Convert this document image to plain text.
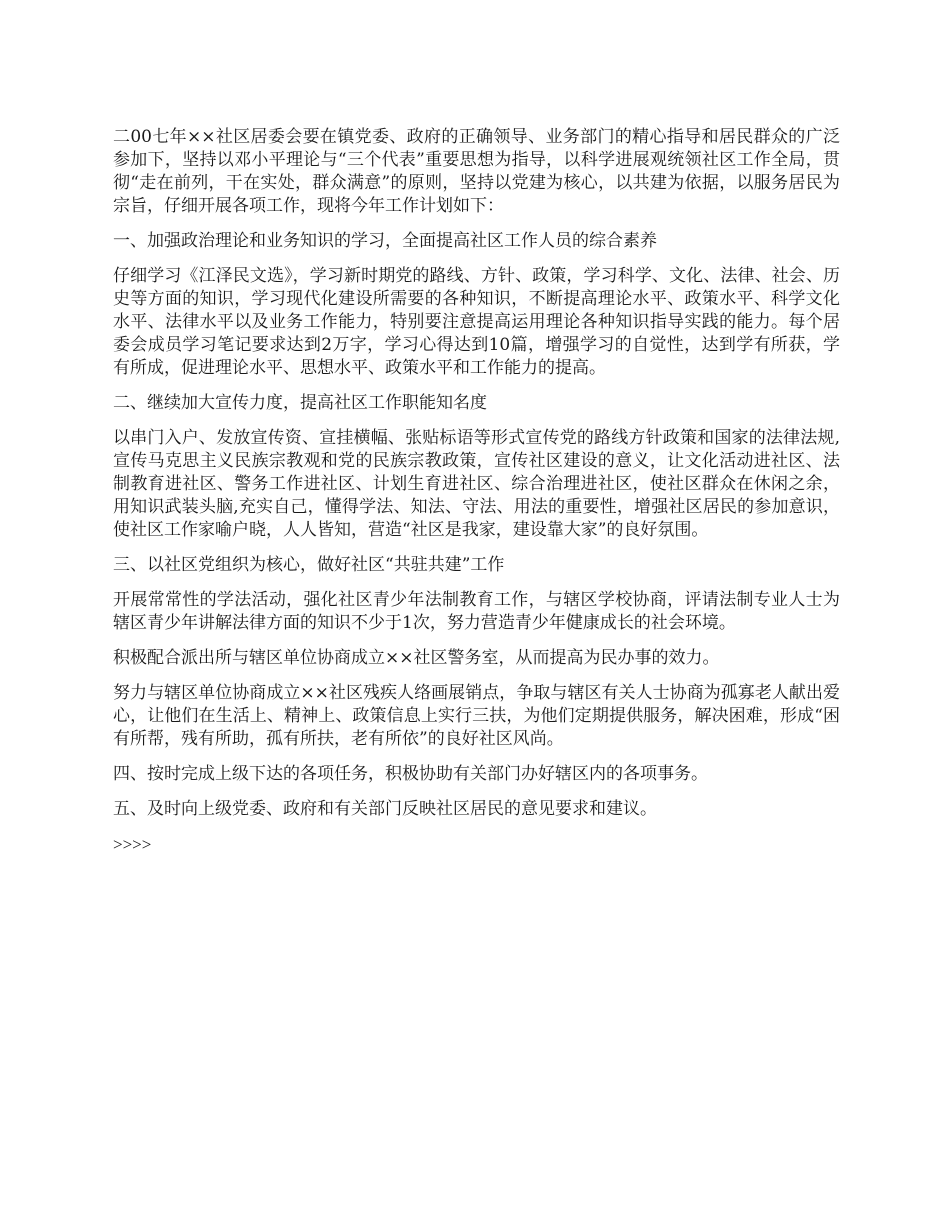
二00七年××社区居委会要在镇党委、政府的正确领导、业务部门的精心指导和居民群众的广泛参加下，坚持以邓小平理论与“三个代表”重要思想为指导，以科学进展观统领社区工作全局，贯彻“走在前列，干在实处，群众满意”的原则，坚持以党建为核心，以共建为依据，以服务居民为宗旨，仔细开展各项工作，现将今年工作计划如下：

一、加强政治理论和业务知识的学习，全面提高社区工作人员的综合素养

仔细学习《江泽民文选》，学习新时期党的路线、方针、政策，学习科学、文化、法律、社会、历史等方面的知识，学习现代化建设所需要的各种知识，不断提高理论水平、政策水平、科学文化水平、法律水平以及业务工作能力，特别要注意提高运用理论各种知识指导实践的能力。每个居委会成员学习笔记要求达到2万字，学习心得达到10篇，增强学习的自觉性，达到学有所获，学有所成，促进理论水平、思想水平、政策水平和工作能力的提高。

二、继续加大宣传力度，提高社区工作职能知名度

以串门入户、发放宣传资、宣挂横幅、张贴标语等形式宣传党的路线方针政策和国家的法律法规,宣传马克思主义民族宗教观和党的民族宗教政策，宣传社区建设的意义，让文化活动进社区、法制教育进社区、警务工作进社区、计划生育进社区、综合治理进社区，使社区群众在休闲之余，用知识武装头脑,充实自己，懂得学法、知法、守法、用法的重要性，增强社区居民的参加意识，使社区工作家喻户晓，人人皆知，营造“社区是我家，建设靠大家”的良好氛围。

三、以社区党组织为核心，做好社区“共驻共建”工作

开展常常性的学法活动，强化社区青少年法制教育工作，与辖区学校协商，评请法制专业人士为辖区青少年讲解法律方面的知识不少于1次，努力营造青少年健康成长的社会环境。

积极配合派出所与辖区单位协商成立××社区警务室，从而提高为民办事的效力。

努力与辖区单位协商成立××社区残疾人络画展销点，争取与辖区有关人士协商为孤寡老人献出爱心，让他们在生活上、精神上、政策信息上实行三扶，为他们定期提供服务，解决困难，形成“困有所帮，残有所助，孤有所扶，老有所依”的良好社区风尚。

四、按时完成上级下达的各项任务，积极协助有关部门办好辖区内的各项事务。

五、及时向上级党委、政府和有关部门反映社区居民的意见要求和建议。

>>>>
